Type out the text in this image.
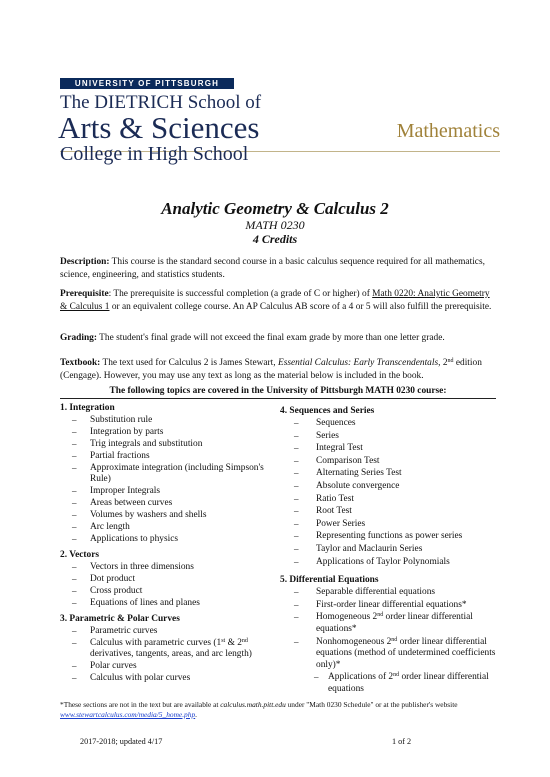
UNIVERSITY OF PITTSBURGH
The DIETRICH School of
Arts & Sciences	Mathematics
College in High School
Analytic Geometry & Calculus 2
MATH 0230
4 Credits
Description: This course is the standard second course in a basic calculus sequence required for all mathematics, science, engineering, and statistics students.
Prerequisite: The prerequisite is successful completion (a grade of C or higher) of Math 0220: Analytic Geometry & Calculus 1 or an equivalent college course. An AP Calculus AB score of a 4 or 5 will also fulfill the prerequisite.
Grading: The student's final grade will not exceed the final exam grade by more than one letter grade.
Textbook: The text used for Calculus 2 is James Stewart, Essential Calculus: Early Transcendentals, 2nd edition (Cengage). However, you may use any text as long as the material below is included in the book.
The following topics are covered in the University of Pittsburgh MATH 0230 course:
1. Integration
– Substitution rule
– Integration by parts
– Trig integrals and substitution
– Partial fractions
– Approximate integration (including Simpson's Rule)
– Improper Integrals
– Areas between curves
– Volumes by washers and shells
– Arc length
– Applications to physics
2. Vectors
– Vectors in three dimensions
– Dot product
– Cross product
– Equations of lines and planes
3. Parametric & Polar Curves
– Parametric curves
– Calculus with parametric curves (1st & 2nd derivatives, tangents, areas, and arc length)
– Polar curves
– Calculus with polar curves
4. Sequences and Series
– Sequences
– Series
– Integral Test
– Comparison Test
– Alternating Series Test
– Absolute convergence
– Ratio Test
– Root Test
– Power Series
– Representing functions as power series
– Taylor and Maclaurin Series
– Applications of Taylor Polynomials
5. Differential Equations
– Separable differential equations
– First-order linear differential equations*
– Homogeneous 2nd order linear differential equations*
– Nonhomogeneous 2nd order linear differential equations (method of undetermined coefficients only)*
– Applications of 2nd order linear differential equations
*These sections are not in the text but are available at calculus.math.pitt.edu under "Math 0230 Schedule" or at the publisher's website www.stewartcalculus.com/media/5_home.php.
2017-2018; updated 4/17	1 of 2
